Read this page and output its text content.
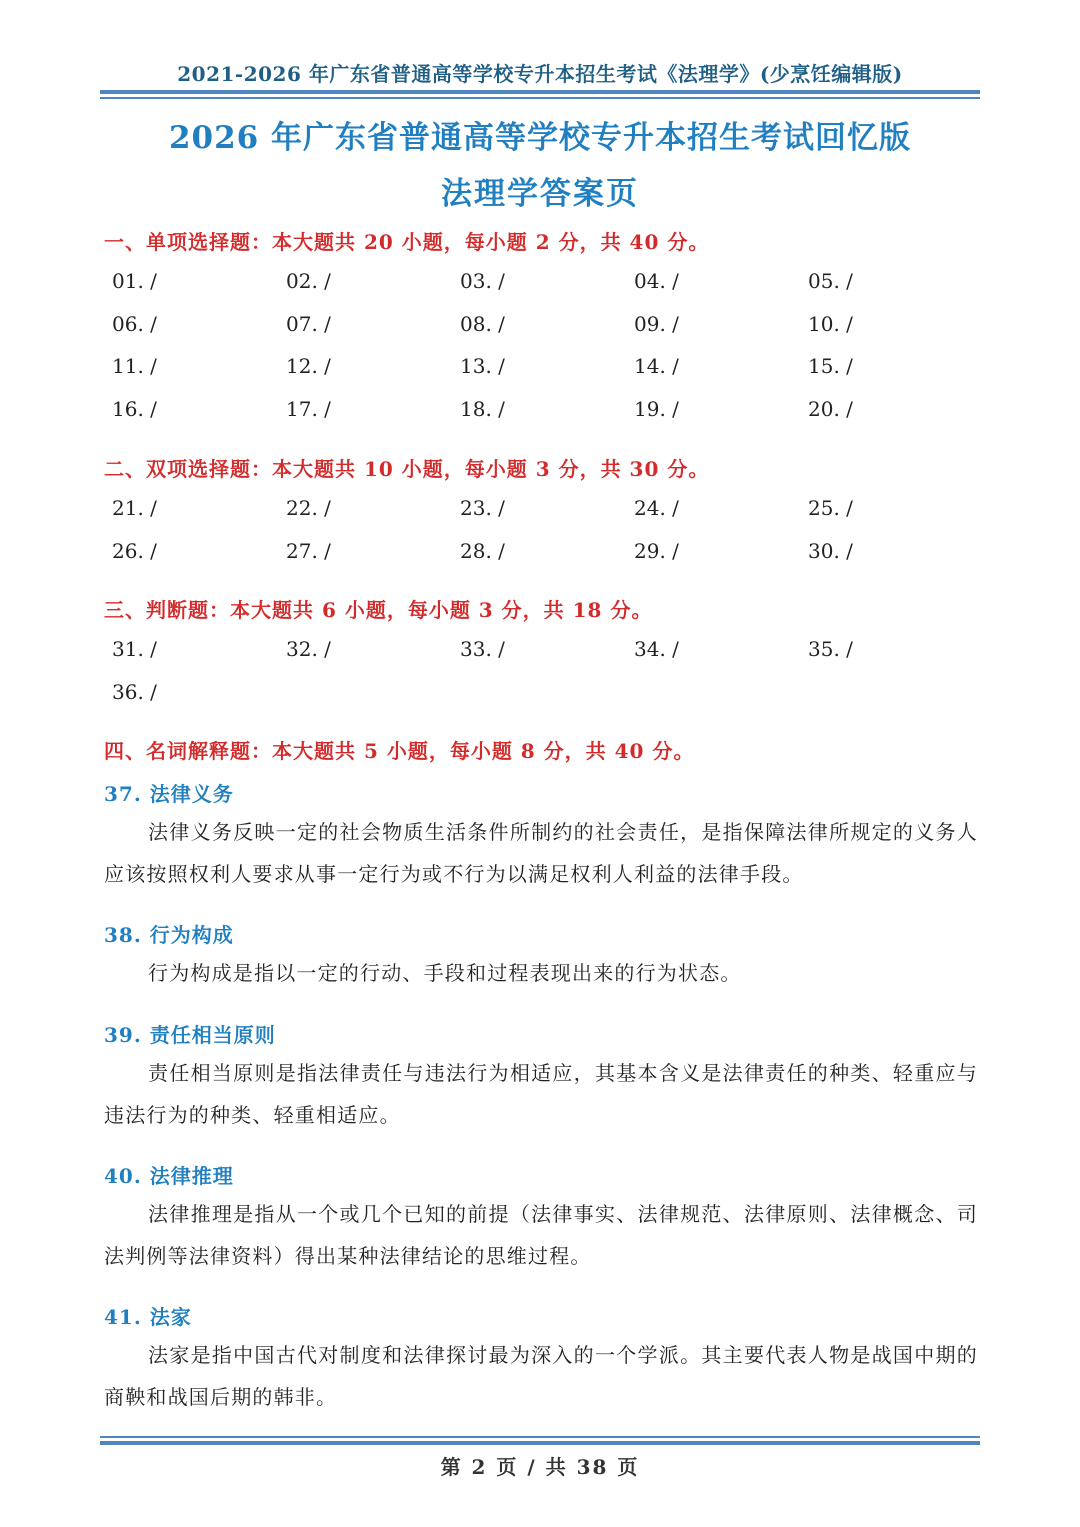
2021-2026 年广东省普通高等学校专升本招生考试《法理学》(少烹饪编辑版)
2026 年广东省普通高等学校专升本招生考试回忆版
法理学答案页
一、单项选择题：本大题共 20 小题，每小题 2 分，共 40 分。
01. /	02. /	03. /	04. /	05. /
06. /	07. /	08. /	09. /	10. /
11. /	12. /	13. /	14. /	15. /
16. /	17. /	18. /	19. /	20. /
二、双项选择题：本大题共 10 小题，每小题 3 分，共 30 分。
21. /	22. /	23. /	24. /	25. /
26. /	27. /	28. /	29. /	30. /
三、判断题：本大题共 6 小题，每小题 3 分，共 18 分。
31. /	32. /	33. /	34. /	35. /
36. /
四、名词解释题：本大题共 5 小题，每小题 8 分，共 40 分。
37. 法律义务
法律义务反映一定的社会物质生活条件所制约的社会责任，是指保障法律所规定的义务人应该按照权利人要求从事一定行为或不行为以满足权利人利益的法律手段。
38. 行为构成
行为构成是指以一定的行动、手段和过程表现出来的行为状态。
39. 责任相当原则
责任相当原则是指法律责任与违法行为相适应，其基本含义是法律责任的种类、轻重应与违法行为的种类、轻重相适应。
40. 法律推理
法律推理是指从一个或几个已知的前提（法律事实、法律规范、法律原则、法律概念、司法判例等法律资料）得出某种法律结论的思维过程。
41. 法家
法家是指中国古代对制度和法律探讨最为深入的一个学派。其主要代表人物是战国中期的商鞅和战国后期的韩非。
第 2 页 / 共 38 页
